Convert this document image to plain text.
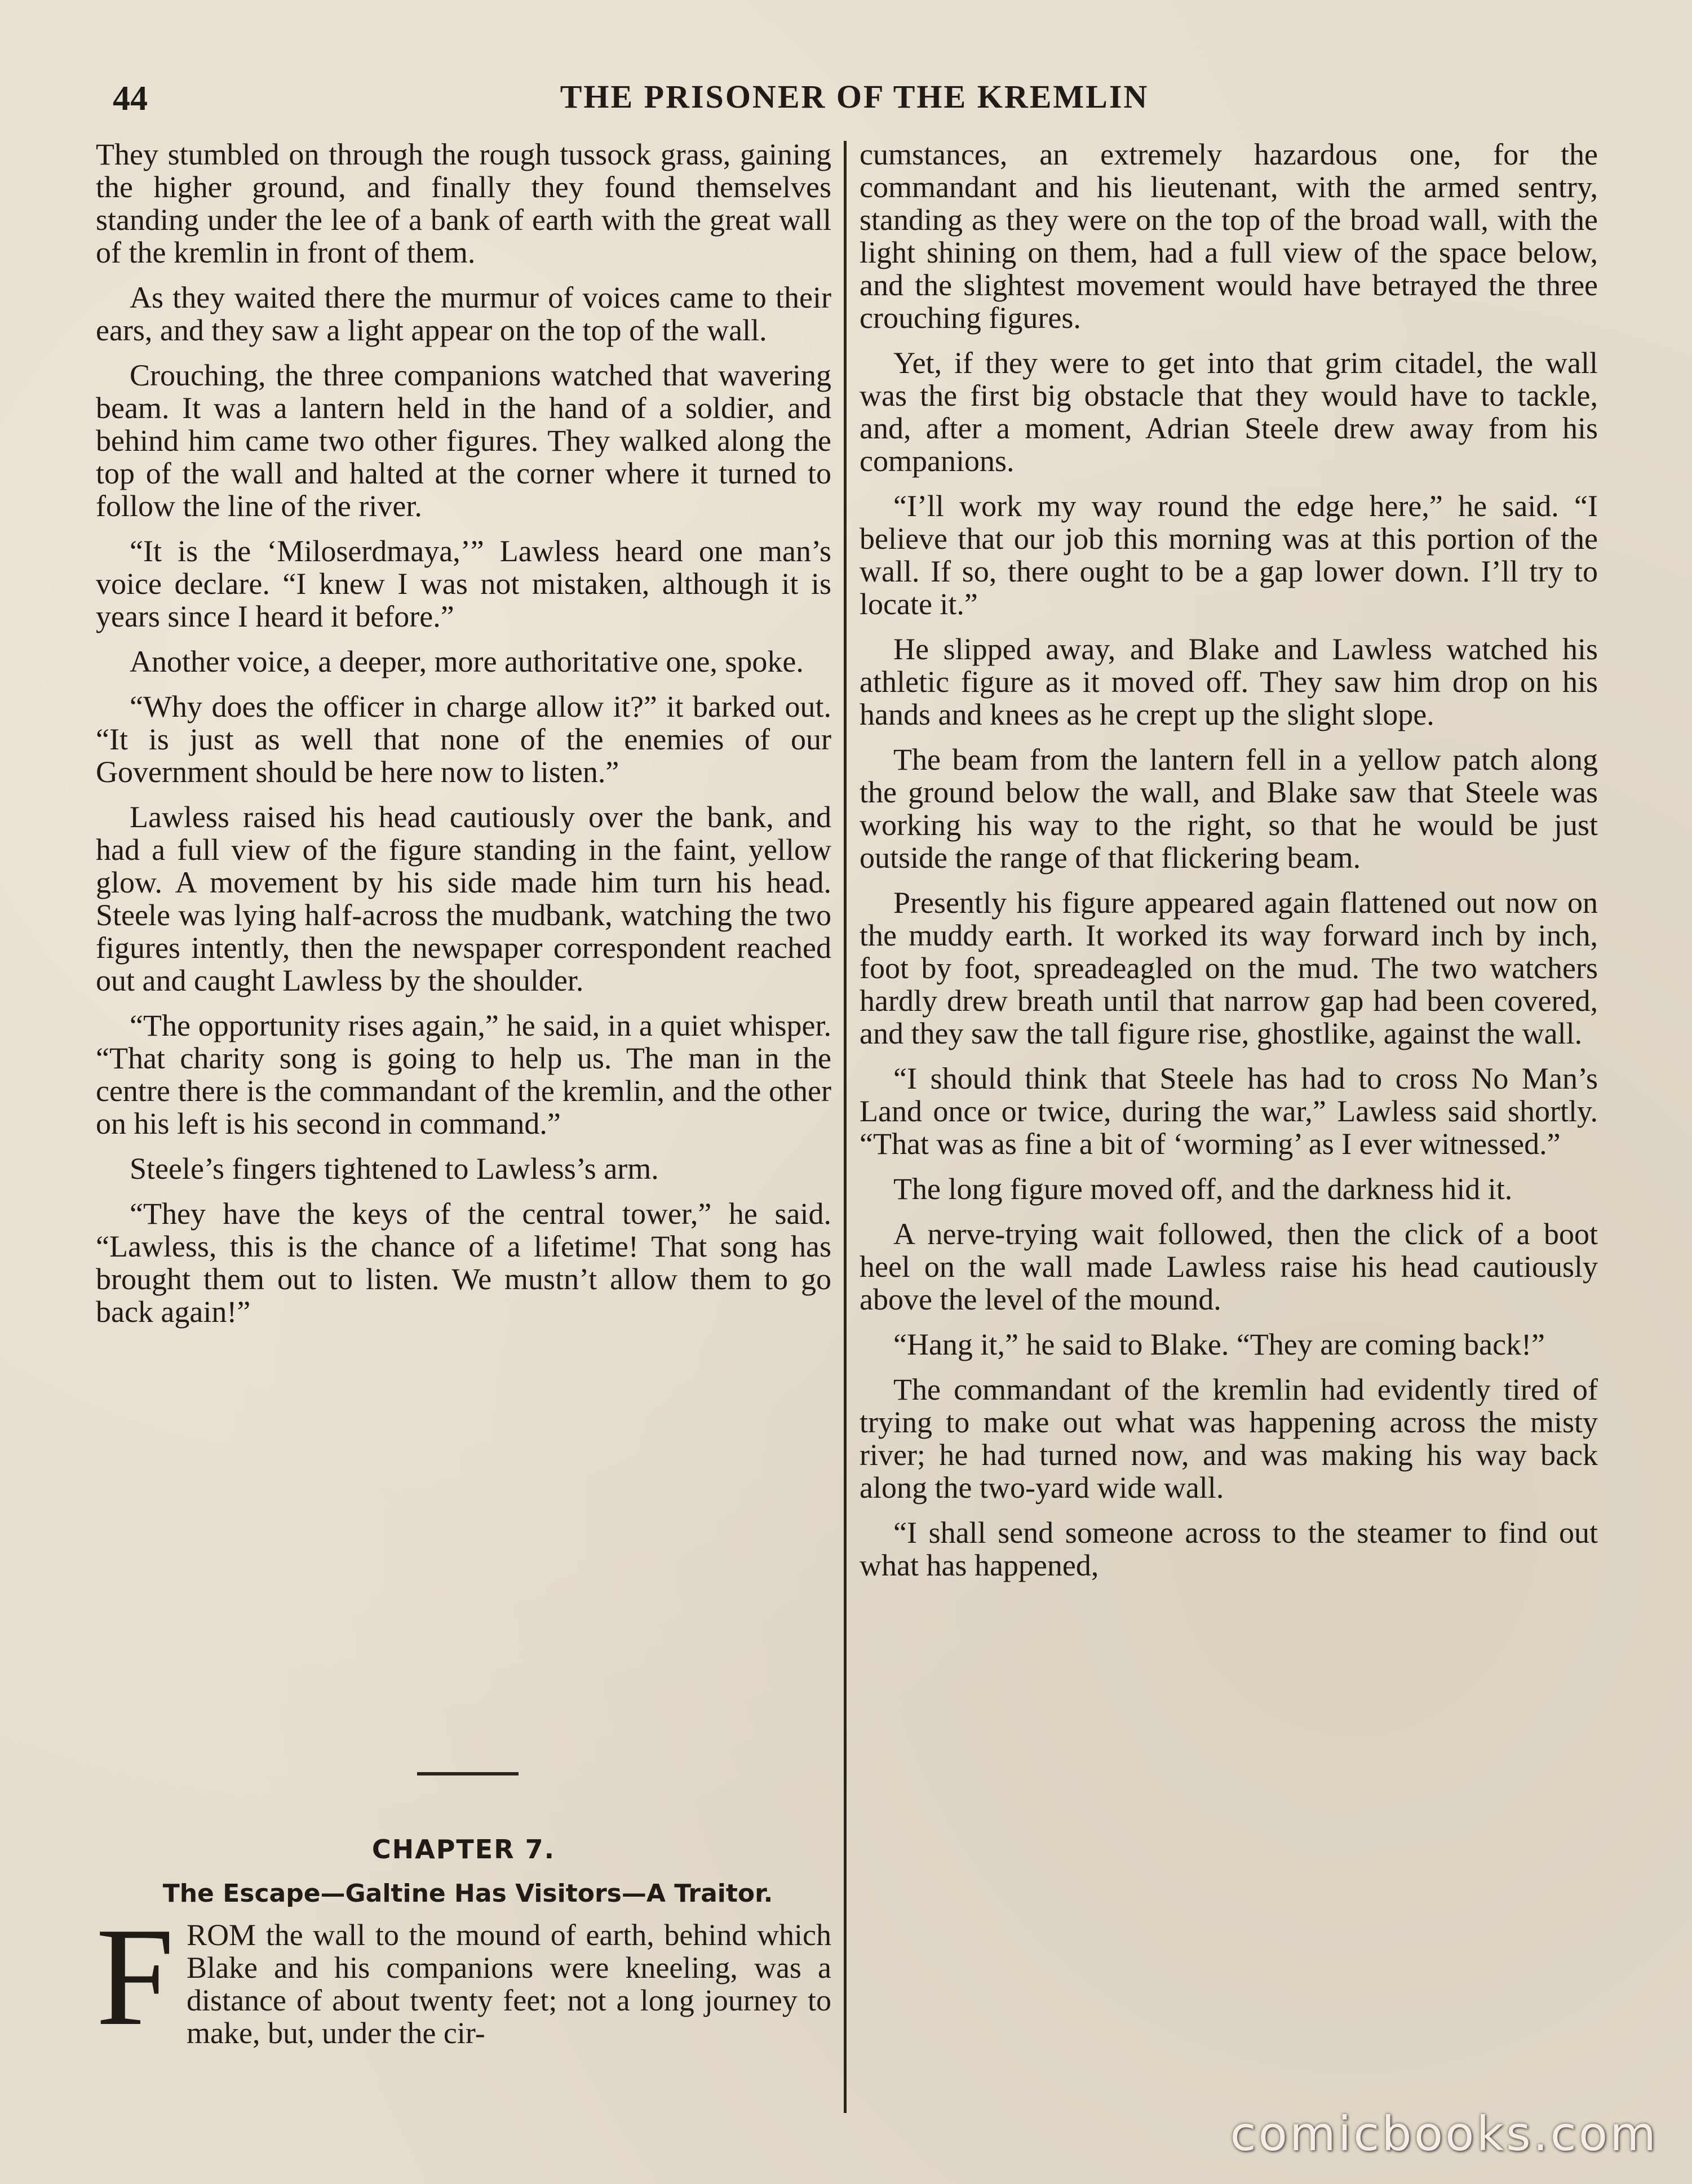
44	THE PRISONER OF THE KREMLIN

They stumbled on through the rough tussock grass, gaining the higher ground, and finally they found themselves standing under the lee of a bank of earth with the great wall of the kremlin in front of them.

As they waited there the murmur of voices came to their ears, and they saw a light appear on the top of the wall.

Crouching, the three companions watched that wavering beam. It was a lantern held in the hand of a soldier, and behind him came two other figures. They walked along the top of the wall and halted at the corner where it turned to follow the line of the river.

“It is the ‘Miloserdmaya,’” Lawless heard one man’s voice declare. “I knew I was not mistaken, although it is years since I heard it before.”

Another voice, a deeper, more authoritative one, spoke.

“Why does the officer in charge allow it?” it barked out. “It is just as well that none of the enemies of our Government should be here now to listen.”

Lawless raised his head cautiously over the bank, and had a full view of the figure standing in the faint, yellow glow. A movement by his side made him turn his head. Steele was lying half-across the mudbank, watching the two figures intently, then the newspaper correspondent reached out and caught Lawless by the shoulder.

“The opportunity rises again,” he said, in a quiet whisper. “That charity song is going to help us. The man in the centre there is the commandant of the kremlin, and the other on his left is his second in command.”

Steele’s fingers tightened to Lawless’s arm.

“They have the keys of the central tower,” he said. “Lawless, this is the chance of a lifetime! That song has brought them out to listen. We mustn’t allow them to go back again!”

CHAPTER 7.
The Escape—Galtine Has Visitors—A Traitor.
F ROM the wall to the mound of earth, behind which Blake and his companions were kneeling, was a distance of about twenty feet; not a long journey to make, but, under the cir-

cumstances, an extremely hazardous one, for the commandant and his lieutenant, with the armed sentry, standing as they were on the top of the broad wall, with the light shining on them, had a full view of the space below, and the slightest movement would have betrayed the three crouching figures.

Yet, if they were to get into that grim citadel, the wall was the first big obstacle that they would have to tackle, and, after a moment, Adrian Steele drew away from his companions.

“I’ll work my way round the edge here,” he said. “I believe that our job this morning was at this portion of the wall. If so, there ought to be a gap lower down. I’ll try to locate it.”

He slipped away, and Blake and Lawless watched his athletic figure as it moved off. They saw him drop on his hands and knees as he crept up the slight slope.

The beam from the lantern fell in a yellow patch along the ground below the wall, and Blake saw that Steele was working his way to the right, so that he would be just outside the range of that flickering beam.

Presently his figure appeared again flattened out now on the muddy earth. It worked its way forward inch by inch, foot by foot, spreadeagled on the mud. The two watchers hardly drew breath until that narrow gap had been covered, and they saw the tall figure rise, ghostlike, against the wall.

“I should think that Steele has had to cross No Man’s Land once or twice, during the war,” Lawless said shortly. “That was as fine a bit of ‘worming’ as I ever witnessed.”

The long figure moved off, and the darkness hid it.

A nerve-trying wait followed, then the click of a boot heel on the wall made Lawless raise his head cautiously above the level of the mound.

“Hang it,” he said to Blake. “They are coming back!”

The commandant of the kremlin had evidently tired of trying to make out what was happening across the misty river; he had turned now, and was making his way back along the two-yard wide wall.

“I shall send someone across to the steamer to find out what has happened,

comicbooks.com
